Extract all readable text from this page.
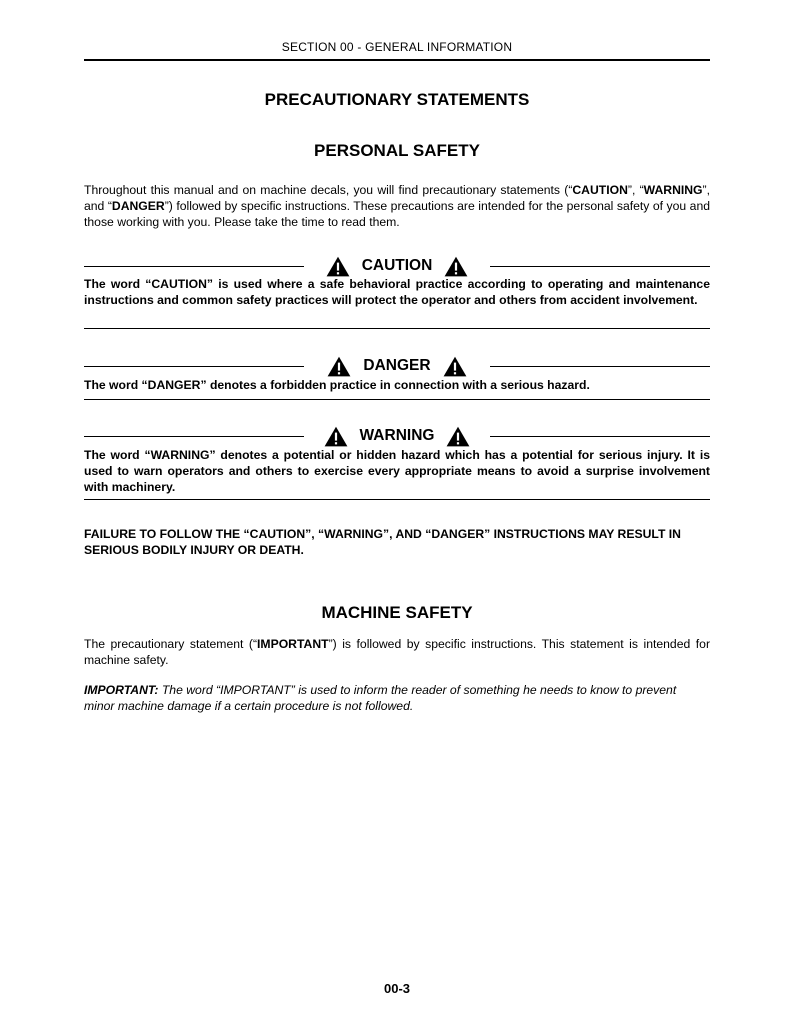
SECTION 00 - GENERAL INFORMATION
PRECAUTIONARY STATEMENTS
PERSONAL SAFETY
Throughout this manual and on machine decals, you will find precautionary statements (“CAUTION”, “WARNING”, and “DANGER”) followed by specific instructions. These precautions are intended for the personal safety of you and those working with you. Please take the time to read them.
CAUTION
The word “CAUTION” is used where a safe behavioral practice according to operating and maintenance instructions and common safety practices will protect the operator and others from accident involvement.
DANGER
The word “DANGER” denotes a forbidden practice in connection with a serious hazard.
WARNING
The word “WARNING” denotes a potential or hidden hazard which has a potential for serious injury. It is used to warn operators and others to exercise every appropriate means to avoid a surprise involvement with machinery.
FAILURE TO FOLLOW THE “CAUTION”, “WARNING”, AND “DANGER” INSTRUCTIONS MAY RESULT IN SERIOUS BODILY INJURY OR DEATH.
MACHINE SAFETY
The precautionary statement (“IMPORTANT”) is followed by specific instructions. This statement is intended for machine safety.
IMPORTANT: The word “IMPORTANT” is used to inform the reader of something he needs to know to prevent minor machine damage if a certain procedure is not followed.
00-3
